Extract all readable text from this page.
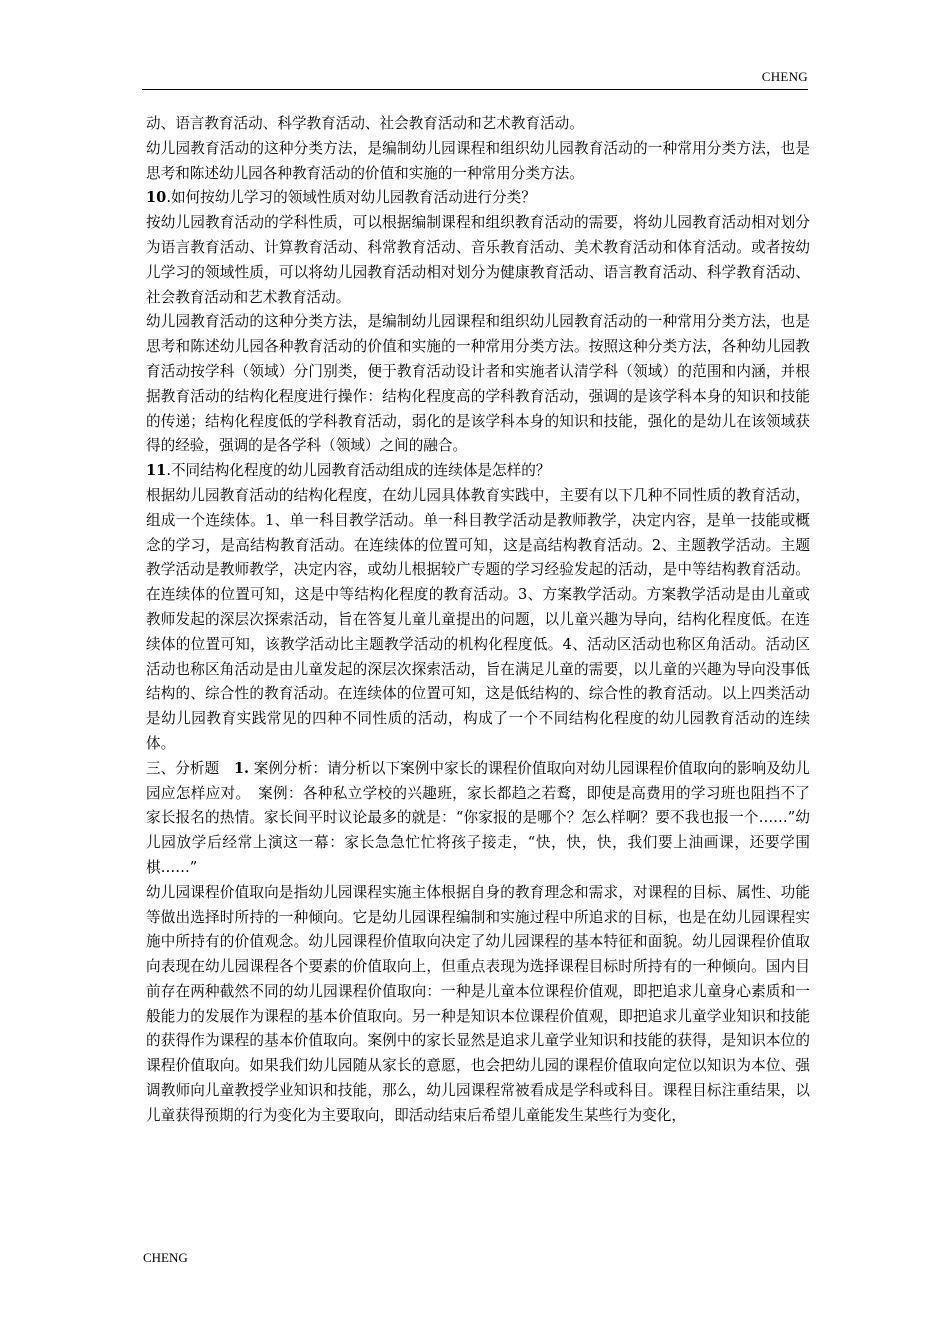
CHENG

动、语言教育活动、科学教育活动、社会教育活动和艺术教育活动。

幼儿园教育活动的这种分类方法，是编制幼儿园课程和组织幼儿园教育活动的一种常用分类方法，也是思考和陈述幼儿园各种教育活动的价值和实施的一种常用分类方法。

10.如何按幼儿学习的领域性质对幼儿园教育活动进行分类？

按幼儿园教育活动的学科性质，可以根据编制课程和组织教育活动的需要，将幼儿园教育活动相对划分为语言教育活动、计算教育活动、科常教育活动、音乐教育活动、美术教育活动和体育活动。或者按幼儿学习的领域性质，可以将幼儿园教育活动相对划分为健康教育活动、语言教育活动、科学教育活动、社会教育活动和艺术教育活动。

幼儿园教育活动的这种分类方法，是编制幼儿园课程和组织幼儿园教育活动的一种常用分类方法，也是思考和陈述幼儿园各种教育活动的价值和实施的一种常用分类方法。按照这种分类方法，各种幼儿园教育活动按学科（领域）分门别类，便于教育活动设计者和实施者认清学科（领域）的范围和内涵，并根据教育活动的结构化程度进行操作：结构化程度高的学科教育活动，强调的是该学科本身的知识和技能的传递；结构化程度低的学科教育活动，弱化的是该学科本身的知识和技能，强化的是幼儿在该领域获得的经验，强调的是各学科（领域）之间的融合。

11.不同结构化程度的幼儿园教育活动组成的连续体是怎样的？

根据幼儿园教育活动的结构化程度，在幼儿园具体教育实践中，主要有以下几种不同性质的教育活动，组成一个连续体。1、单一科目教学活动。单一科目教学活动是教师教学，决定内容，是单一技能或概念的学习，是高结构教育活动。在连续体的位置可知，这是高结构教育活动。2、主题教学活动。主题教学活动是教师教学，决定内容，或幼儿根据较广专题的学习经验发起的活动，是中等结构教育活动。在连续体的位置可知，这是中等结构化程度的教育活动。3、方案教学活动。方案教学活动是由儿童或教师发起的深层次探索活动，旨在答复儿童儿童提出的问题，以儿童兴趣为导向，结构化程度低。在连续体的位置可知，该教学活动比主题教学活动的机构化程度低。4、活动区活动也称区角活动。活动区活动也称区角活动是由儿童发起的深层次探索活动，旨在满足儿童的需要，以儿童的兴趣为导向没事低结构的、综合性的教育活动。在连续体的位置可知，这是低结构的、综合性的教育活动。以上四类活动是幼儿园教育实践常见的四种不同性质的活动，构成了一个不同结构化程度的幼儿园教育活动的连续体。

三、分析题　1. 案例分析：请分析以下案例中家长的课程价值取向对幼儿园课程价值取向的影响及幼儿园应怎样应对。　案例：各种私立学校的兴趣班，家长都趋之若鹜，即使是高费用的学习班也阻挡不了家长报名的热情。家长间平时议论最多的就是：“你家报的是哪个？怎么样啊？要不我也报一个……”幼儿园放学后经常上演这一幕：家长急急忙忙将孩子接走，“快，快，快，我们要上油画课，还要学围棋……”

幼儿园课程价值取向是指幼儿园课程实施主体根据自身的教育理念和需求，对课程的目标、属性、功能等做出选择时所持的一种倾向。它是幼儿园课程编制和实施过程中所追求的目标，也是在幼儿园课程实施中所持有的价值观念。幼儿园课程价值取向决定了幼儿园课程的基本特征和面貌。幼儿园课程价值取向表现在幼儿园课程各个要素的价值取向上，但重点表现为选择课程目标时所持有的一种倾向。国内目前存在两种截然不同的幼儿园课程价值取向：一种是儿童本位课程价值观，即把追求儿童身心素质和一般能力的发展作为课程的基本价值取向。另一种是知识本位课程价值观，即把追求儿童学业知识和技能的获得作为课程的基本价值取向。案例中的家长显然是追求儿童学业知识和技能的获得，是知识本位的课程价值取向。如果我们幼儿园随从家长的意愿，也会把幼儿园的课程价值取向定位以知识为本位、强调教师向儿童教授学业知识和技能，那么，幼儿园课程常被看成是学科或科目。课程目标注重结果，以儿童获得预期的行为变化为主要取向，即活动结束后希望儿童能发生某些行为变化，

CHENG
